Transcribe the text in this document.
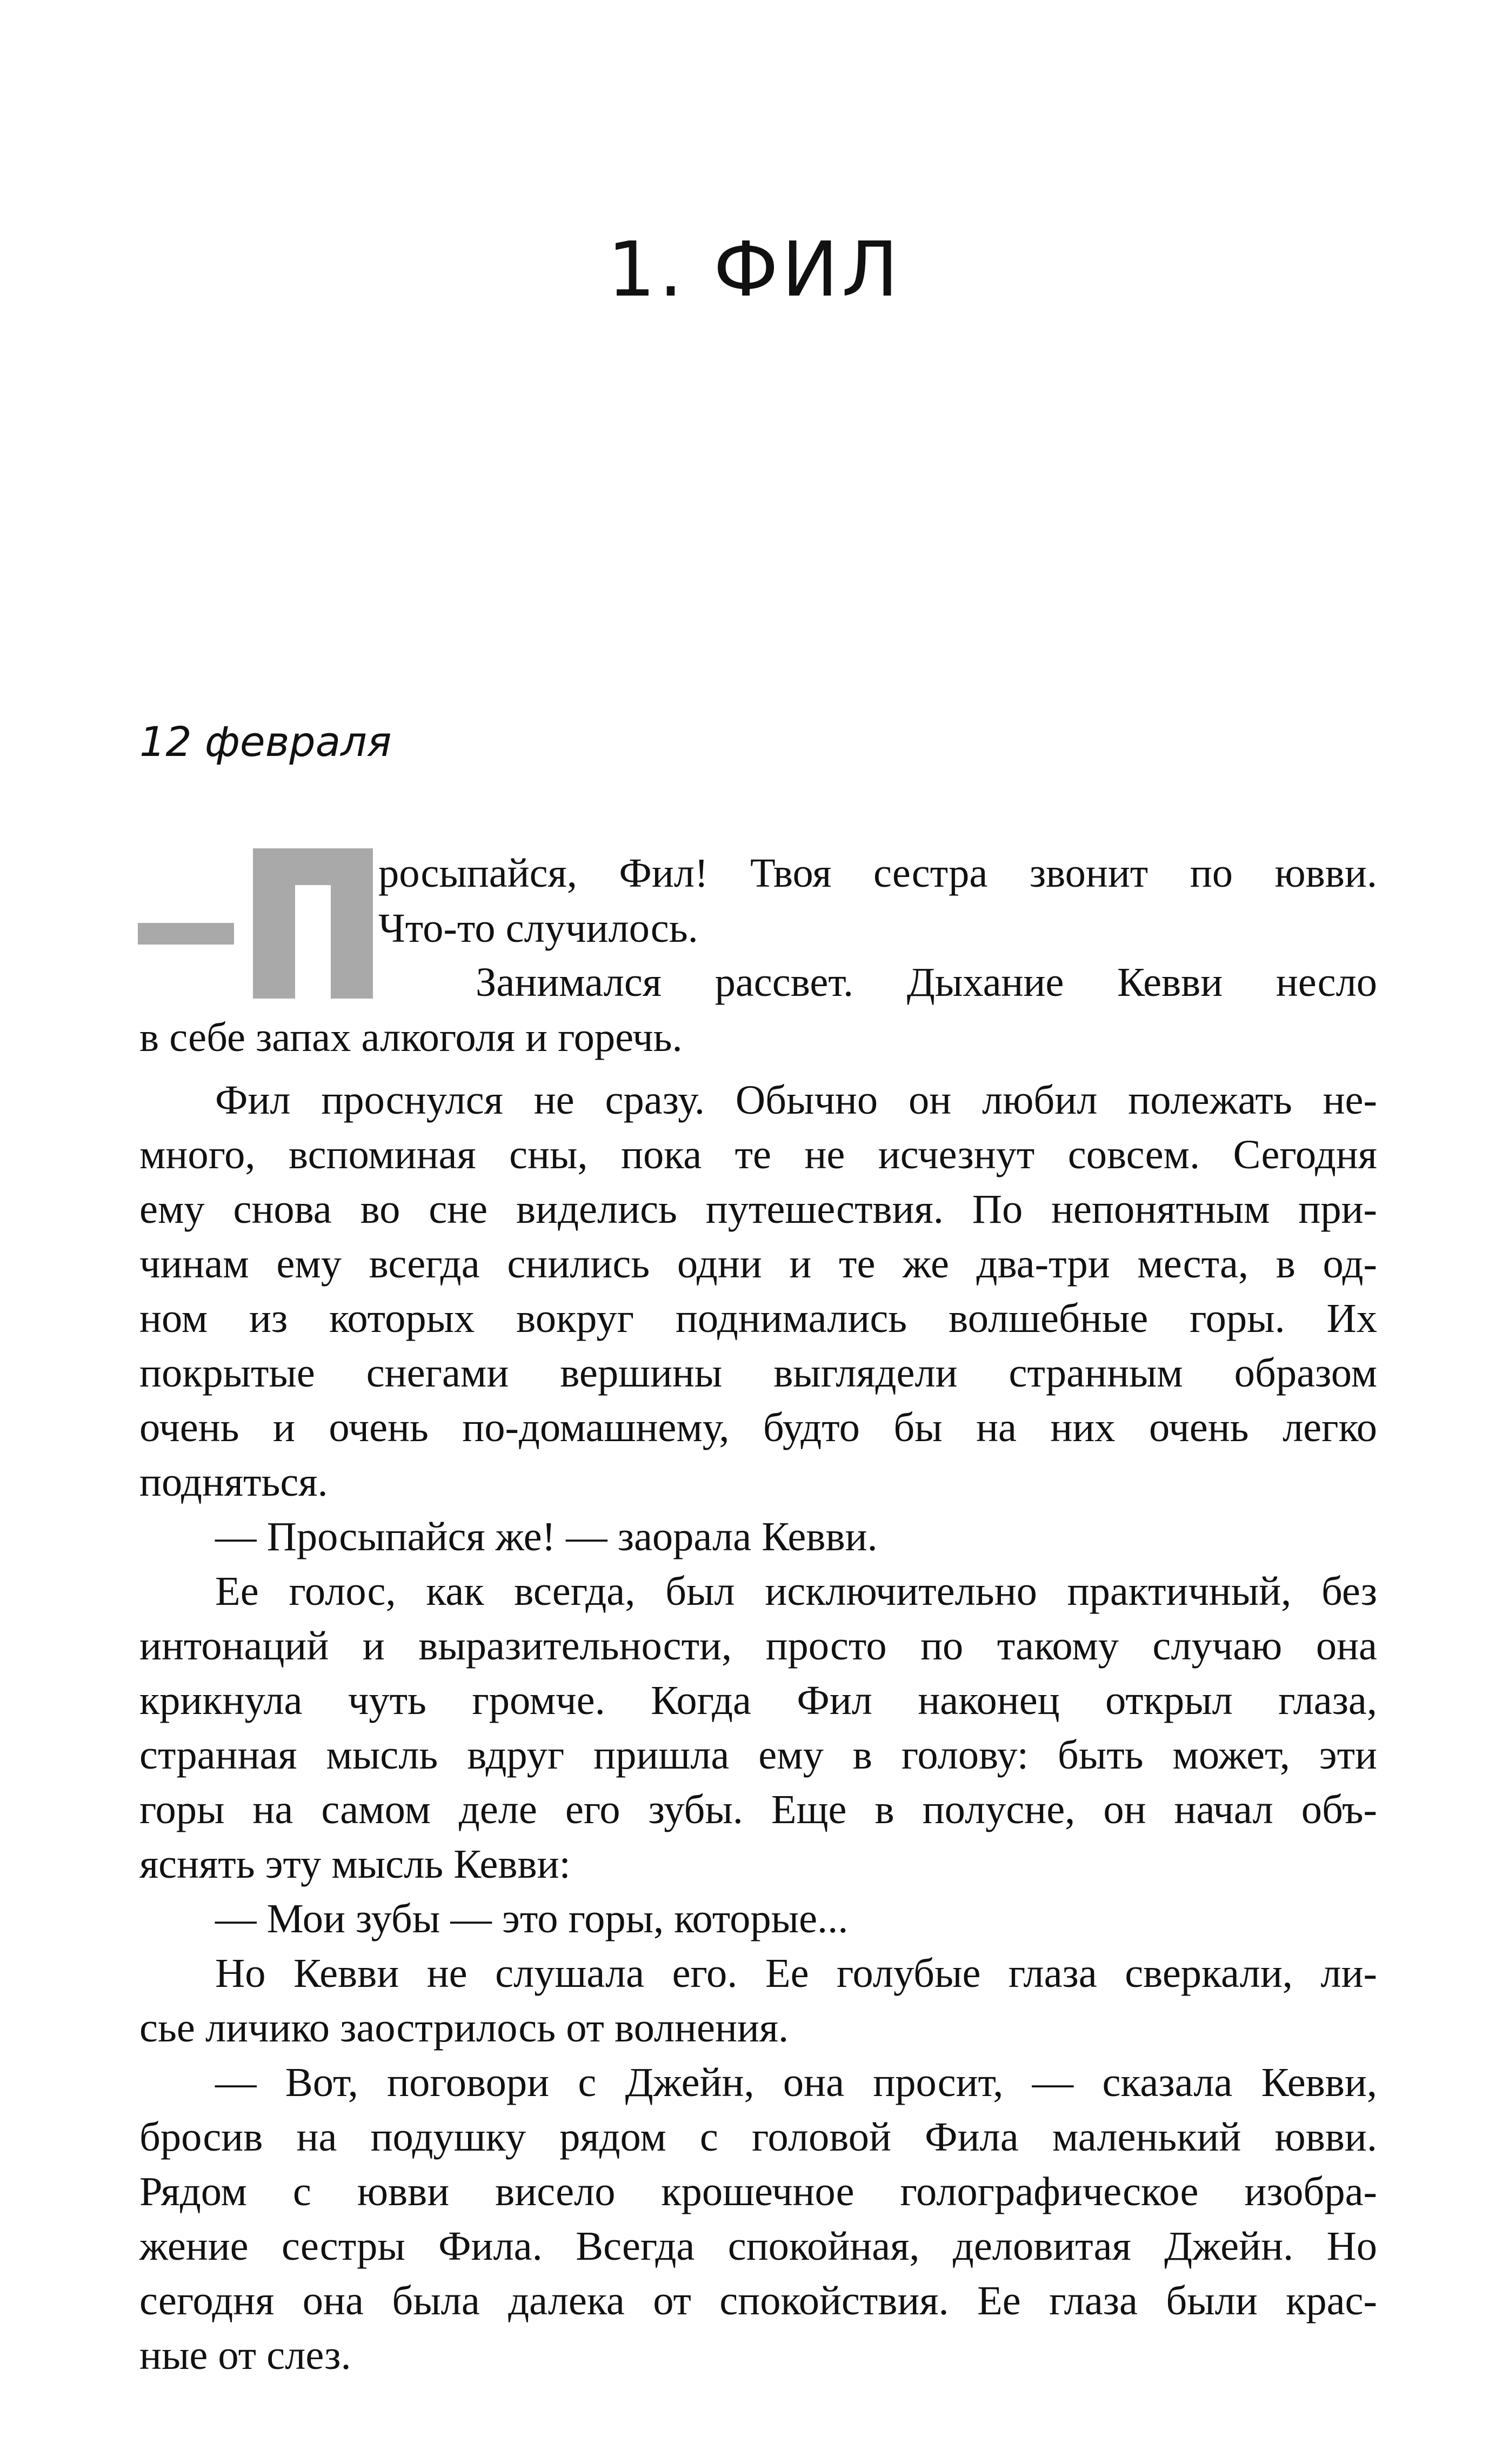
1. ФИЛ
12 февраля
росыпайся, Фил! Твоя сестра звонит по ювви.
Что-то случилось.
Занимался рассвет. Дыхание Кевви несло
в себе запах алкоголя и горечь.
Фил проснулся не сразу. Обычно он любил полежать не-
много, вспоминая сны, пока те не исчезнут совсем. Сегодня
ему снова во сне виделись путешествия. По непонятным при-
чинам ему всегда снились одни и те же два-три места, в од-
ном из которых вокруг поднимались волшебные горы. Их
покрытые снегами вершины выглядели странным образом
очень и очень по-домашнему, будто бы на них очень легко
подняться.
— Просыпайся же! — заорала Кевви.
Ее голос, как всегда, был исключительно практичный, без
интонаций и выразительности, просто по такому случаю она
крикнула чуть громче. Когда Фил наконец открыл глаза,
странная мысль вдруг пришла ему в голову: быть может, эти
горы на самом деле его зубы. Еще в полусне, он начал объ-
яснять эту мысль Кевви:
— Мои зубы — это горы, которые...
Но Кевви не слушала его. Ее голубые глаза сверкали, ли-
сье личико заострилось от волнения.
— Вот, поговори с Джейн, она просит, — сказала Кевви,
бросив на подушку рядом с головой Фила маленький ювви.
Рядом с ювви висело крошечное голографическое изобра-
жение сестры Фила. Всегда спокойная, деловитая Джейн. Но
сегодня она была далека от спокойствия. Ее глаза были крас-
ные от слез.
